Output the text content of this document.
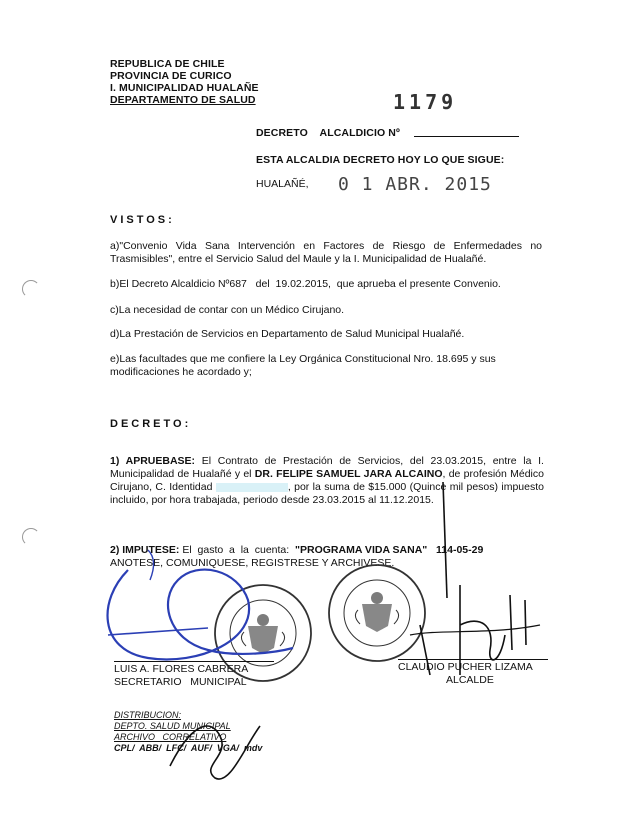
REPUBLICA DE CHILE
PROVINCIA DE CURICO
I. MUNICIPALIDAD HUALAÑE
DEPARTAMENTO DE SALUD	1179
DECRETO    ALCALDICIO Nº
ESTA ALCALDIA DECRETO HOY LO QUE SIGUE:
HUALAÑÉ, 0 1 ABR. 2015
VISTOS:
a)"Convenio Vida Sana Intervención en Factores de Riesgo de Enfermedades no Trasmisibles", entre el Servicio Salud del Maule y la I. Municipalidad de Hualañé.
b)El Decreto Alcaldicio Nº687   del  19.02.2015,  que aprueba el presente Convenio.
c)La necesidad de contar con un Médico Cirujano.
d)La Prestación de Servicios en Departamento de Salud Municipal Hualañé.
e)Las facultades que me confiere la Ley Orgánica Constitucional Nro. 18.695 y sus modificaciones he acordado y;
DECRETO:
1) APRUEBASE: El Contrato de Prestación de Servicios, del 23.03.2015, entre la I. Municipalidad de Hualañé y el DR. FELIPE SAMUEL JARA ALCAINO, de profesión Médico Cirujano, C. Identidad	, por la suma de $15.000 (Quince mil pesos) impuesto incluido, por hora trabajada, periodo desde 23.03.2015 al 11.12.2015.
2) IMPUTESE: El  gasto  a  la  cuenta:  "PROGRAMA VIDA SANA"   114-05-29
ANOTESE, COMUNIQUESE, REGISTRESE Y ARCHIVESE.
LUIS A. FLORES CABRERA
SECRETARIO   MUNICIPAL
CLAUDIO PUCHER LIZAMA
ALCALDE
DISTRIBUCION:
DEPTO. SALUD MUNICIPAL
ARCHIVO   CORRELATIVO
CPL/  ABB/  LFC/  AUF/  VGA/  mdv
